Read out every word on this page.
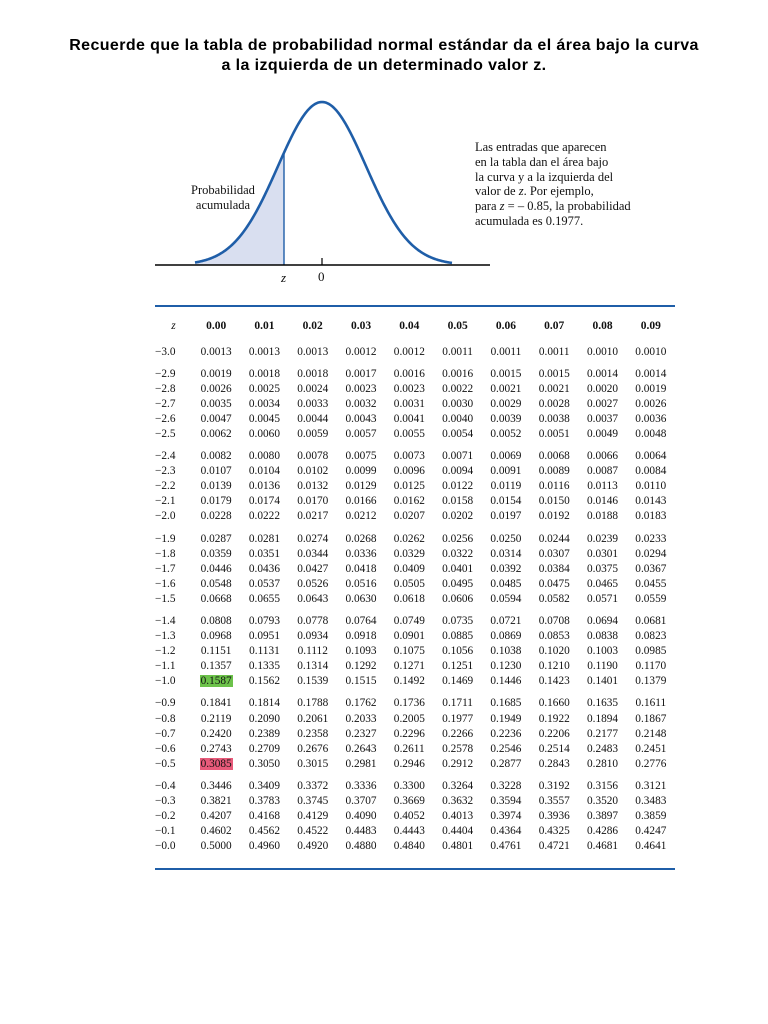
Recuerde que la tabla de probabilidad normal estándar da el área bajo la curva
a la izquierda de un determinado valor z.
Probabilidad
acumulada
z 0
Las entradas que aparecen
en la tabla dan el área bajo
la curva y a la izquierda del
valor de z. Por ejemplo,
para z = – 0.85, la probabilidad
acumulada es 0.1977.
z	0.00	0.01	0.02	0.03	0.04	0.05	0.06	0.07	0.08	0.09
−3.0	0.0013	0.0013	0.0013	0.0012	0.0012	0.0011	0.0011	0.0011	0.0010	0.0010

−2.9	0.0019	0.0018	0.0018	0.0017	0.0016	0.0016	0.0015	0.0015	0.0014	0.0014
−2.8	0.0026	0.0025	0.0024	0.0023	0.0023	0.0022	0.0021	0.0021	0.0020	0.0019
−2.7	0.0035	0.0034	0.0033	0.0032	0.0031	0.0030	0.0029	0.0028	0.0027	0.0026
−2.6	0.0047	0.0045	0.0044	0.0043	0.0041	0.0040	0.0039	0.0038	0.0037	0.0036
−2.5	0.0062	0.0060	0.0059	0.0057	0.0055	0.0054	0.0052	0.0051	0.0049	0.0048

−2.4	0.0082	0.0080	0.0078	0.0075	0.0073	0.0071	0.0069	0.0068	0.0066	0.0064
−2.3	0.0107	0.0104	0.0102	0.0099	0.0096	0.0094	0.0091	0.0089	0.0087	0.0084
−2.2	0.0139	0.0136	0.0132	0.0129	0.0125	0.0122	0.0119	0.0116	0.0113	0.0110
−2.1	0.0179	0.0174	0.0170	0.0166	0.0162	0.0158	0.0154	0.0150	0.0146	0.0143
−2.0	0.0228	0.0222	0.0217	0.0212	0.0207	0.0202	0.0197	0.0192	0.0188	0.0183

−1.9	0.0287	0.0281	0.0274	0.0268	0.0262	0.0256	0.0250	0.0244	0.0239	0.0233
−1.8	0.0359	0.0351	0.0344	0.0336	0.0329	0.0322	0.0314	0.0307	0.0301	0.0294
−1.7	0.0446	0.0436	0.0427	0.0418	0.0409	0.0401	0.0392	0.0384	0.0375	0.0367
−1.6	0.0548	0.0537	0.0526	0.0516	0.0505	0.0495	0.0485	0.0475	0.0465	0.0455
−1.5	0.0668	0.0655	0.0643	0.0630	0.0618	0.0606	0.0594	0.0582	0.0571	0.0559

−1.4	0.0808	0.0793	0.0778	0.0764	0.0749	0.0735	0.0721	0.0708	0.0694	0.0681
−1.3	0.0968	0.0951	0.0934	0.0918	0.0901	0.0885	0.0869	0.0853	0.0838	0.0823
−1.2	0.1151	0.1131	0.1112	0.1093	0.1075	0.1056	0.1038	0.1020	0.1003	0.0985
−1.1	0.1357	0.1335	0.1314	0.1292	0.1271	0.1251	0.1230	0.1210	0.1190	0.1170
−1.0	0.1587	0.1562	0.1539	0.1515	0.1492	0.1469	0.1446	0.1423	0.1401	0.1379

−0.9	0.1841	0.1814	0.1788	0.1762	0.1736	0.1711	0.1685	0.1660	0.1635	0.1611
−0.8	0.2119	0.2090	0.2061	0.2033	0.2005	0.1977	0.1949	0.1922	0.1894	0.1867
−0.7	0.2420	0.2389	0.2358	0.2327	0.2296	0.2266	0.2236	0.2206	0.2177	0.2148
−0.6	0.2743	0.2709	0.2676	0.2643	0.2611	0.2578	0.2546	0.2514	0.2483	0.2451
−0.5	0.3085	0.3050	0.3015	0.2981	0.2946	0.2912	0.2877	0.2843	0.2810	0.2776

−0.4	0.3446	0.3409	0.3372	0.3336	0.3300	0.3264	0.3228	0.3192	0.3156	0.3121
−0.3	0.3821	0.3783	0.3745	0.3707	0.3669	0.3632	0.3594	0.3557	0.3520	0.3483
−0.2	0.4207	0.4168	0.4129	0.4090	0.4052	0.4013	0.3974	0.3936	0.3897	0.3859
−0.1	0.4602	0.4562	0.4522	0.4483	0.4443	0.4404	0.4364	0.4325	0.4286	0.4247
−0.0	0.5000	0.4960	0.4920	0.4880	0.4840	0.4801	0.4761	0.4721	0.4681	0.4641
